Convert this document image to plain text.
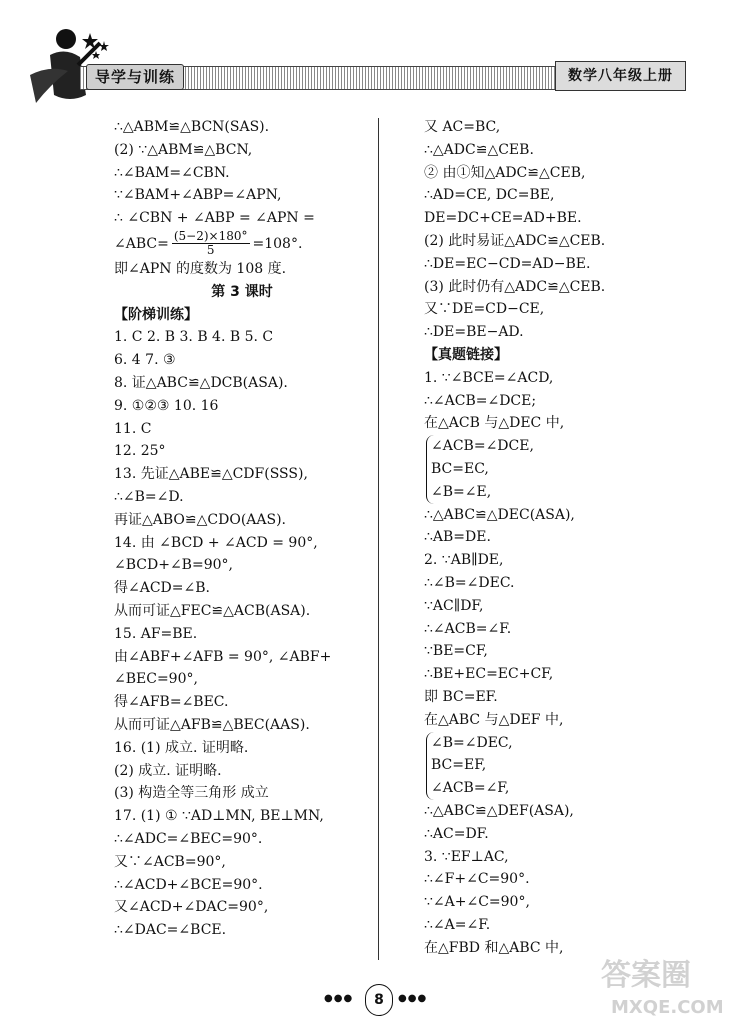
导学与训练	数学八年级上册
∴△ABM≌△BCN(SAS).
(2) ∵△ABM≌△BCN,
∴∠BAM=∠CBN.
∵∠BAM+∠ABP=∠APN,
∴ ∠CBN + ∠ABP = ∠APN =
∠ABC= $\frac{(5-2)\times 180^\circ}{5} =108^\circ$.
即∠APN 的度数为 108 度.
第 3 课时
【阶梯训练】
1. C 2. B 3. B 4. B 5. C
6. 4 7. ③
8. 证△ABC≌△DCB(ASA).
9. ①②③ 10. 16
11. C
12. 25°
13. 先证△ABE≌△CDF(SSS),
∴∠B=∠D.
再证△ABO≌△CDO(AAS).
14. 由 ∠BCD + ∠ACD = 90°,
∠BCD+∠B=90°,
得∠ACD=∠B.
从而可证△FEC≌△ACB(ASA).
15. AF=BE.
由∠ABF+∠AFB = 90°, ∠ABF+
∠BEC=90°,
得∠AFB=∠BEC.
从而可证△AFB≌△BEC(AAS).
16. (1) 成立. 证明略.
(2) 成立. 证明略.
(3) 构造全等三角形 成立
17. (1) ① ∵AD⊥MN, BE⊥MN,
∴∠ADC=∠BEC=90°.
又∵∠ACB=90°,
∴∠ACD+∠BCE=90°.
又∠ACD+∠DAC=90°,
∴∠DAC=∠BCE.
又 AC=BC,
∴△ADC≌△CEB.
② 由①知△ADC≌△CEB,
∴AD=CE, DC=BE,
DE=DC+CE=AD+BE.
(2) 此时易证△ADC≌△CEB.
∴DE=EC−CD=AD−BE.
(3) 此时仍有△ADC≌△CEB.
又∵DE=CD−CE,
∴DE=BE−AD.
【真题链接】
1. ∵∠BCE=∠ACD,
∴∠ACB=∠DCE;
在△ACB 与△DEC 中,
∠ACB=∠DCE,
BC=EC,
∠B=∠E,
∴△ABC≌△DEC(ASA),
∴AB=DE.
2. ∵AB∥DE,
∴∠B=∠DEC.
∵AC∥DF,
∴∠ACB=∠F.
∵BE=CF,
∴BE+EC=EC+CF,
即 BC=EF.
在△ABC 与△DEF 中,
∠B=∠DEC,
BC=EF,
∠ACB=∠F,
∴△ABC≌△DEF(ASA),
∴AC=DF.
3. ∵EF⊥AC,
∴∠F+∠C=90°.
∵∠A+∠C=90°,
∴∠A=∠F.
在△FBD 和△ABC 中,
●●●	8	●●●
答案圈
MXQE.COM
